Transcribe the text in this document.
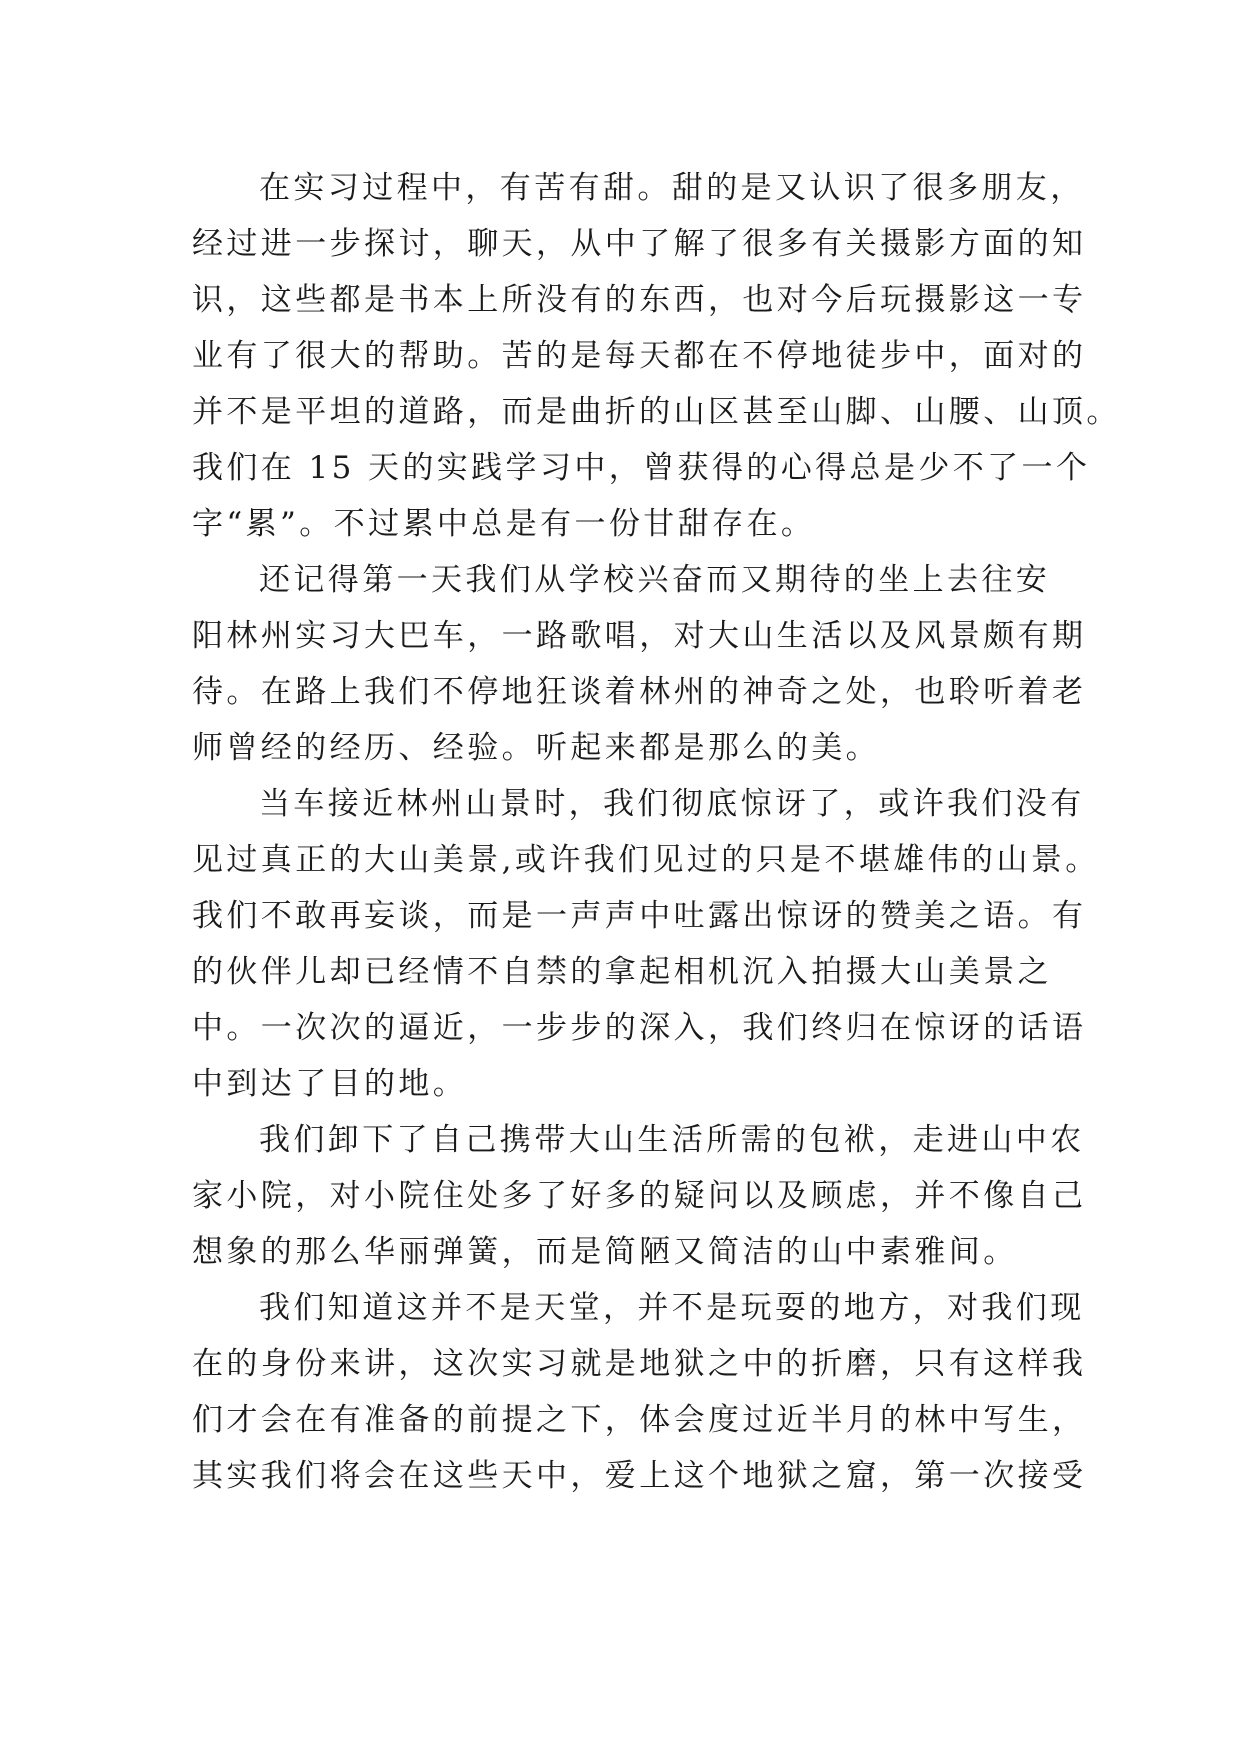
在实习过程中，有苦有甜。甜的是又认识了很多朋友，
经过进一步探讨，聊天，从中了解了很多有关摄影方面的知
识，这些都是书本上所没有的东西，也对今后玩摄影这一专
业有了很大的帮助。苦的是每天都在不停地徒步中，面对的
并不是平坦的道路，而是曲折的山区甚至山脚、山腰、山顶。
我们在 15 天的实践学习中，曾获得的心得总是少不了一个
字“累”。不过累中总是有一份甘甜存在。
还记得第一天我们从学校兴奋而又期待的坐上去往安
阳林州实习大巴车，一路歌唱，对大山生活以及风景颇有期
待。在路上我们不停地狂谈着林州的神奇之处，也聆听着老
师曾经的经历、经验。听起来都是那么的美。
当车接近林州山景时，我们彻底惊讶了，或许我们没有
见过真正的大山美景,或许我们见过的只是不堪雄伟的山景。
我们不敢再妄谈，而是一声声中吐露出惊讶的赞美之语。有
的伙伴儿却已经情不自禁的拿起相机沉入拍摄大山美景之
中。一次次的逼近，一步步的深入，我们终归在惊讶的话语
中到达了目的地。
我们卸下了自己携带大山生活所需的包袱，走进山中农
家小院，对小院住处多了好多的疑问以及顾虑，并不像自己
想象的那么华丽弹簧，而是简陋又简洁的山中素雅间。
我们知道这并不是天堂，并不是玩耍的地方，对我们现
在的身份来讲，这次实习就是地狱之中的折磨，只有这样我
们才会在有准备的前提之下，体会度过近半月的林中写生，
其实我们将会在这些天中，爱上这个地狱之窟，第一次接受
